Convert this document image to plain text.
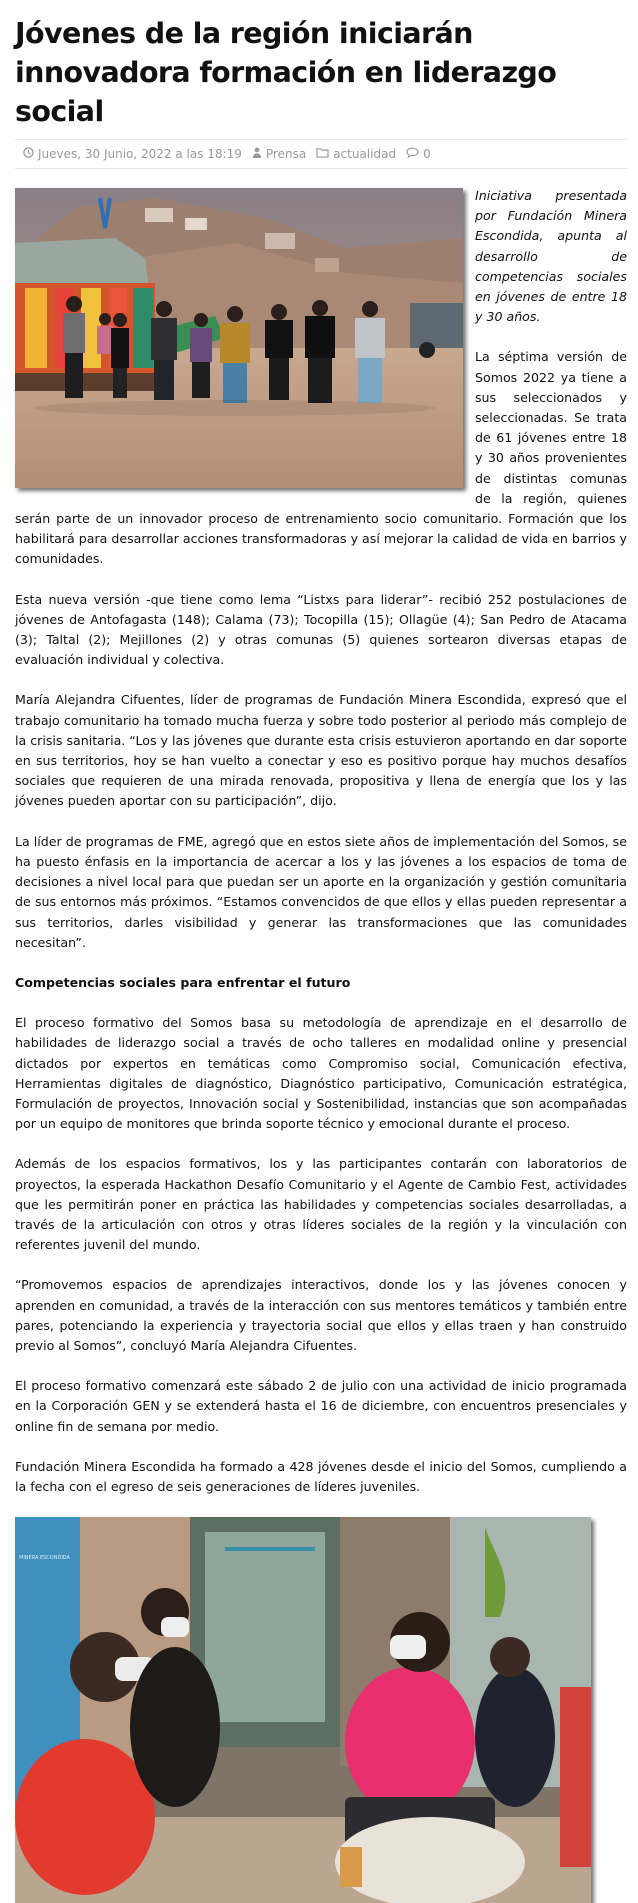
Jóvenes de la región iniciarán innovadora formación en liderazgo social
Jueves, 30 Junio, 2022 a las 18:19 Prensa actualidad 0

Iniciativa presentada por Fundación Minera Escondida, apunta al desarrollo de competencias sociales en jóvenes de entre 18 y 30 años.

La séptima versión de Somos 2022 ya tiene a sus seleccionados y seleccionadas. Se trata de 61 jóvenes entre 18 y 30 años provenientes de distintas comunas de la región, quienes serán parte de un innovador proceso de entrenamiento socio comunitario. Formación que los habilitará para desarrollar acciones transformadoras y así mejorar la calidad de vida en barrios y comunidades.

Esta nueva versión -que tiene como lema “Listxs para liderar”- recibió 252 postulaciones de jóvenes de Antofagasta (148); Calama (73); Tocopilla (15); Ollagüe (4); San Pedro de Atacama (3); Taltal (2); Mejillones (2) y otras comunas (5) quienes sortearon diversas etapas de evaluación individual y colectiva.

María Alejandra Cifuentes, líder de programas de Fundación Minera Escondida, expresó que el trabajo comunitario ha tomado mucha fuerza y sobre todo posterior al periodo más complejo de la crisis sanitaria. “Los y las jóvenes que durante esta crisis estuvieron aportando en dar soporte en sus territorios, hoy se han vuelto a conectar y eso es positivo porque hay muchos desafíos sociales que requieren de una mirada renovada, propositiva y llena de energía que los y las jóvenes pueden aportar con su participación”, dijo.

La líder de programas de FME, agregó que en estos siete años de implementación del Somos, se ha puesto énfasis en la importancia de acercar a los y las jóvenes a los espacios de toma de decisiones a nivel local para que puedan ser un aporte en la organización y gestión comunitaria de sus entornos más próximos. “Estamos convencidos de que ellos y ellas pueden representar a sus territorios, darles visibilidad y generar las transformaciones que las comunidades necesitan”.

Competencias sociales para enfrentar el futuro

El proceso formativo del Somos basa su metodología de aprendizaje en el desarrollo de habilidades de liderazgo social a través de ocho talleres en modalidad online y presencial dictados por expertos en temáticas como Compromiso social, Comunicación efectiva, Herramientas digitales de diagnóstico, Diagnóstico participativo, Comunicación estratégica, Formulación de proyectos, Innovación social y Sostenibilidad, instancias que son acompañadas por un equipo de monitores que brinda soporte técnico y emocional durante el proceso.

Además de los espacios formativos, los y las participantes contarán con laboratorios de proyectos, la esperada Hackathon Desafío Comunitario y el Agente de Cambio Fest, actividades que les permitirán poner en práctica las habilidades y competencias sociales desarrolladas, a través de la articulación con otros y otras líderes sociales de la región y la vinculación con referentes juvenil del mundo.

“Promovemos espacios de aprendizajes interactivos, donde los y las jóvenes conocen y aprenden en comunidad, a través de la interacción con sus mentores temáticos y también entre pares, potenciando la experiencia y trayectoria social que ellos y ellas traen y han construido previo al Somos”, concluyó María Alejandra Cifuentes.

El proceso formativo comenzará este sábado 2 de julio con una actividad de inicio programada en la Corporación GEN y se extenderá hasta el 16 de diciembre, con encuentros presenciales y online fin de semana por medio.

Fundación Minera Escondida ha formado a 428 jóvenes desde el inicio del Somos, cumpliendo a la fecha con el egreso de seis generaciones de líderes juveniles.

MINERA ESCONDIDA
